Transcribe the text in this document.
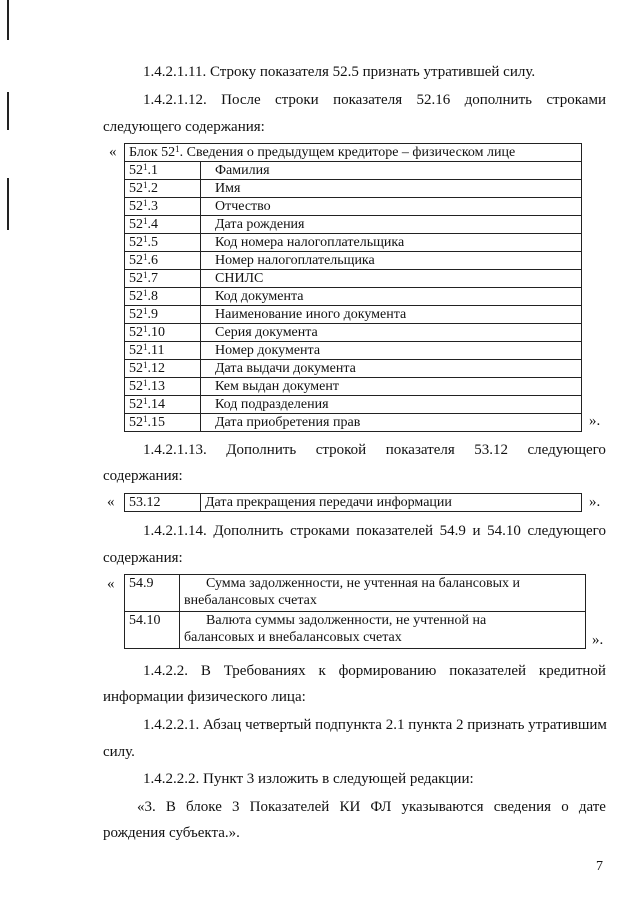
1.4.2.1.11. Строку показателя 52.5 признать утратившей силу.
1.4.2.1.12. После строки показателя 52.16 дополнить строками
следующего содержания:
« Блок $52^1$. Сведения о предыдущем кредиторе – физическом лице	
$52^1.1$	Фамилия
$52^1.2$	Имя
$52^1.3$	Отчество
$52^1.4$	Дата рождения
$52^1.5$	Код номера налогоплательщика
$52^1.6$	Номер налогоплательщика
$52^1.7$	СНИЛС
$52^1.8$	Код документа
$52^1.9$	Наименование иного документа
$52^1.10$	Серия документа
$52^1.11$	Номер документа
$52^1.12$	Дата выдачи документа
$52^1.13$	Кем выдан документ
$52^1.14$	Код подразделения
$52^1.15$	Дата приобретения прав	».
1.4.2.1.13. Дополнить строкой показателя 53.12 следующего
содержания:
« 53.12	Дата прекращения передачи информации	».
1.4.2.1.14. Дополнить строками показателей 54.9 и 54.10 следующего
содержания:
« 54.9	Сумма задолженности, не учтенная на балансовых и
внебалансовых счетах

54.10	Валюта суммы задолженности, не учтенной на
балансовых и внебалансовых счетах	».
1.4.2.2. В Требованиях к формированию показателей кредитной
информации физического лица:
1.4.2.2.1. Абзац четвертый подпункта 2.1 пункта 2 признать утратившим
силу.
1.4.2.2.2. Пункт 3 изложить в следующей редакции:
«3. В блоке 3 Показателей КИ ФЛ указываются сведения о дате
рождения субъекта.».
7
